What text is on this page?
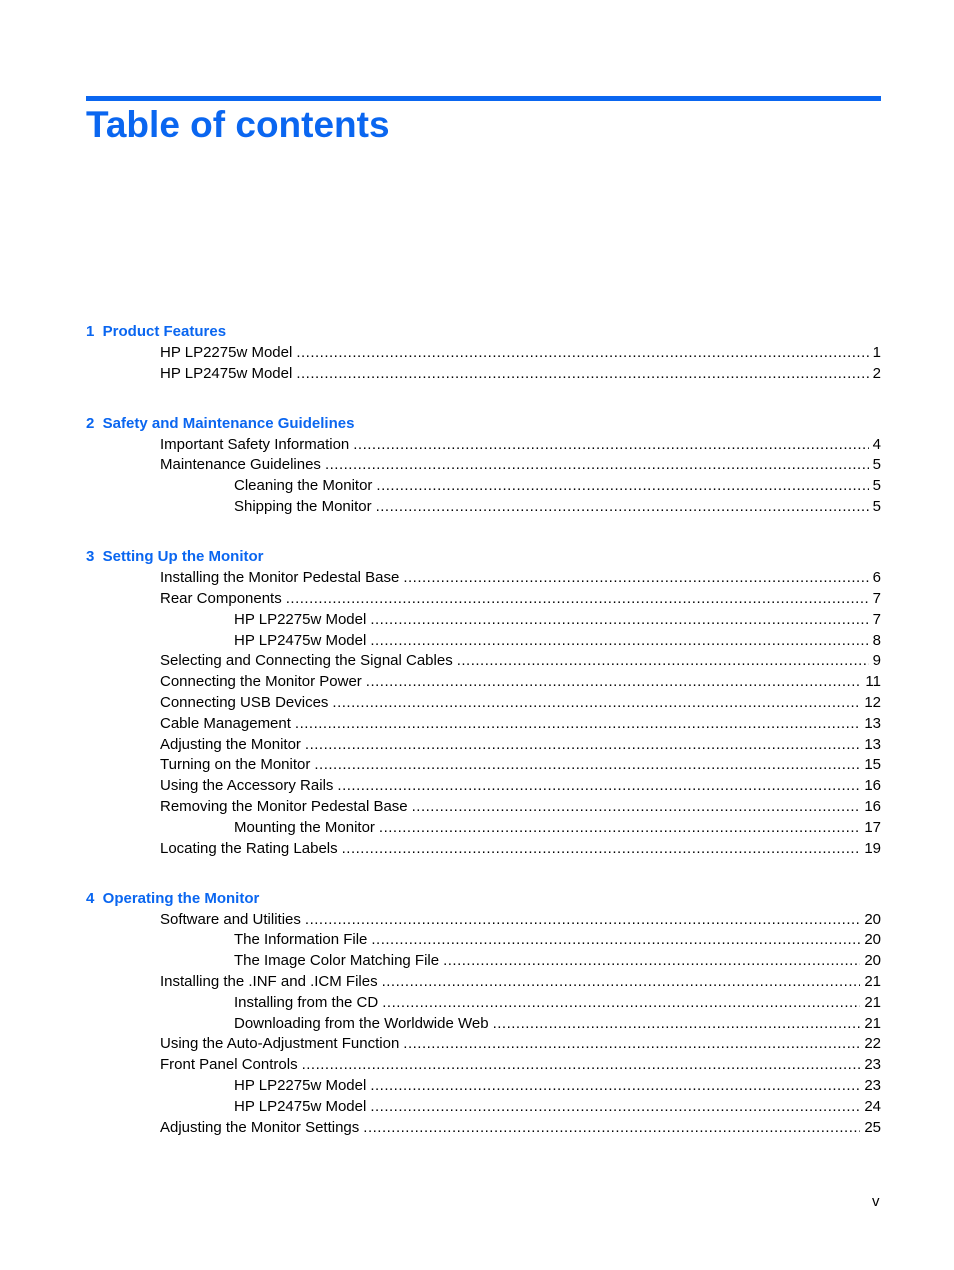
Table of contents
1  Product Features
HP LP2275w Model .....	1
HP LP2475w Model .....	2
2  Safety and Maintenance Guidelines
Important Safety Information .....	4
Maintenance Guidelines .....	5
Cleaning the Monitor .....	5
Shipping the Monitor .....	5
3  Setting Up the Monitor
Installing the Monitor Pedestal Base .....	6
Rear Components .....	7
HP LP2275w Model .....	7
HP LP2475w Model .....	8
Selecting and Connecting the Signal Cables .....	9
Connecting the Monitor Power .....	11
Connecting USB Devices .....	12
Cable Management .....	13
Adjusting the Monitor .....	13
Turning on the Monitor .....	15
Using the Accessory Rails .....	16
Removing the Monitor Pedestal Base .....	16
Mounting the Monitor .....	17
Locating the Rating Labels .....	19
4  Operating the Monitor
Software and Utilities .....	20
The Information File .....	20
The Image Color Matching File .....	20
Installing the .INF and .ICM Files .....	21
Installing from the CD .....	21
Downloading from the Worldwide Web .....	21
Using the Auto-Adjustment Function .....	22
Front Panel Controls .....	23
HP LP2275w Model .....	23
HP LP2475w Model .....	24
Adjusting the Monitor Settings .....	25
v
